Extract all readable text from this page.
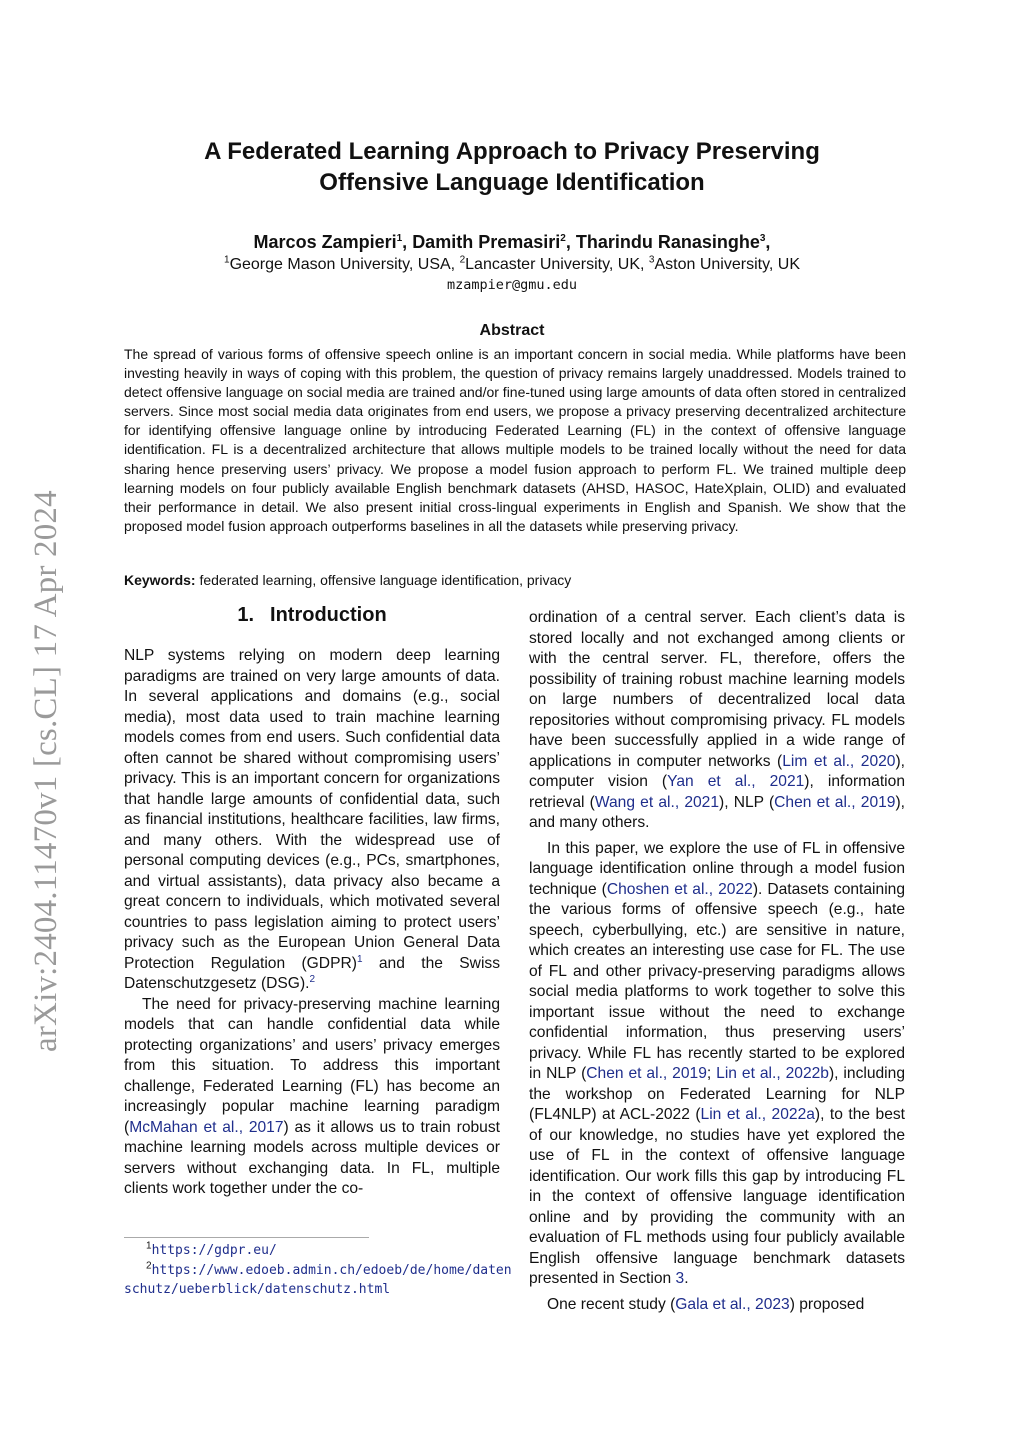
arXiv:2404.11470v1 [cs.CL] 17 Apr 2024
A Federated Learning Approach to Privacy Preserving
Offensive Language Identification
Marcos Zampieri$^1$, Damith Premasiri$^2$, Tharindu Ranasinghe$^3$,
$^1$George Mason University, USA, $^2$Lancaster University, UK, $^3$Aston University, UK
mzampier@gmu.edu
Abstract
The spread of various forms of offensive speech online is an important concern in social media. While platforms have been investing heavily in ways of coping with this problem, the question of privacy remains largely unaddressed. Models trained to detect offensive language on social media are trained and/or fine-tuned using large amounts of data often stored in centralized servers. Since most social media data originates from end users, we propose a privacy preserving decentralized architecture for identifying offensive language online by introducing Federated Learning (FL) in the context of offensive language identification. FL is a decentralized architecture that allows multiple models to be trained locally without the need for data sharing hence preserving users’ privacy. We propose a model fusion approach to perform FL. We trained multiple deep learning models on four publicly available English benchmark datasets (AHSD, HASOC, HateXplain, OLID) and evaluated their performance in detail. We also present initial cross-lingual experiments in English and Spanish. We show that the proposed model fusion approach outperforms baselines in all the datasets while preserving privacy.
Keywords: federated learning, offensive language identification, privacy
1. Introduction

NLP systems relying on modern deep learning paradigms are trained on very large amounts of data. In several applications and domains (e.g., social media), most data used to train machine learning models comes from end users. Such confidential data often cannot be shared without compromising users’ privacy. This is an important concern for organizations that handle large amounts of confidential data, such as financial institutions, healthcare facilities, law firms, and many others. With the widespread use of personal computing devices (e.g., PCs, smartphones, and virtual assistants), data privacy also became a great concern to individuals, which motivated several countries to pass legislation aiming to protect users’ privacy such as the European Union General Data Protection Regulation (GDPR)$^1$ and the Swiss Datenschutzgesetz (DSG).$^2$

The need for privacy-preserving machine learning models that can handle confidential data while protecting organizations’ and users’ privacy emerges from this situation. To address this important challenge, Federated Learning (FL) has become an increasingly popular machine learning paradigm (McMahan et al., 2017) as it allows us to train robust machine learning models across multiple devices or servers without exchanging data. In FL, multiple clients work together under the co-

$^1$https://gdpr.eu/

$^2$https://www.edoeb.admin.ch/edoeb/de/home/datenschutz/ueberblick/datenschutz.html

ordination of a central server. Each client’s data is stored locally and not exchanged among clients or with the central server. FL, therefore, offers the possibility of training robust machine learning models on large numbers of decentralized local data repositories without compromising privacy. FL models have been successfully applied in a wide range of applications in computer networks (Lim et al., 2020), computer vision (Yan et al., 2021), information retrieval (Wang et al., 2021), NLP (Chen et al., 2019), and many others.

In this paper, we explore the use of FL in offensive language identification online through a model fusion technique (Choshen et al., 2022). Datasets containing the various forms of offensive speech (e.g., hate speech, cyberbullying, etc.) are sensitive in nature, which creates an interesting use case for FL. The use of FL and other privacy-preserving paradigms allows social media platforms to work together to solve this important issue without the need to exchange confidential information, thus preserving users’ privacy. While FL has recently started to be explored in NLP (Chen et al., 2019; Lin et al., 2022b), including the workshop on Federated Learning for NLP (FL4NLP) at ACL-2022 (Lin et al., 2022a), to the best of our knowledge, no studies have yet explored the use of FL in the context of offensive language identification. Our work fills this gap by introducing FL in the context of offensive language identification online and by providing the community with an evaluation of FL methods using four publicly available English offensive language benchmark datasets presented in Section 3.

One recent study (Gala et al., 2023) proposed
